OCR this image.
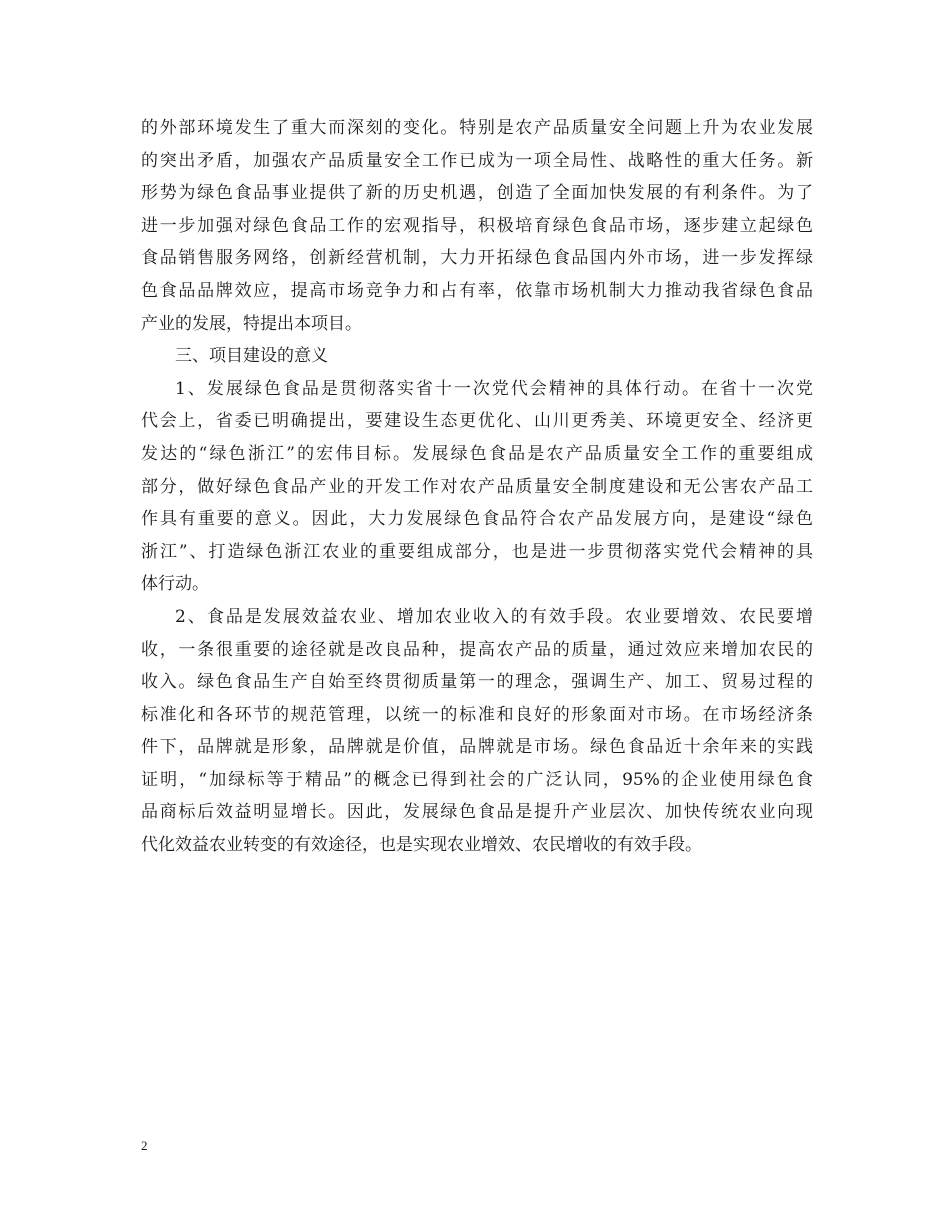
的外部环境发生了重大而深刻的变化。特别是农产品质量安全问题上升为农业发展
的突出矛盾，加强农产品质量安全工作已成为一项全局性、战略性的重大任务。新
形势为绿色食品事业提供了新的历史机遇，创造了全面加快发展的有利条件。为了
进一步加强对绿色食品工作的宏观指导，积极培育绿色食品市场，逐步建立起绿色
食品销售服务网络，创新经营机制，大力开拓绿色食品国内外市场，进一步发挥绿
色食品品牌效应，提高市场竞争力和占有率，依靠市场机制大力推动我省绿色食品
产业的发展，特提出本项目。
三、项目建设的意义
1、发展绿色食品是贯彻落实省十一次党代会精神的具体行动。在省十一次党
代会上，省委已明确提出，要建设生态更优化、山川更秀美、环境更安全、经济更
发达的“绿色浙江”的宏伟目标。发展绿色食品是农产品质量安全工作的重要组成
部分，做好绿色食品产业的开发工作对农产品质量安全制度建设和无公害农产品工
作具有重要的意义。因此，大力发展绿色食品符合农产品发展方向，是建设“绿色
浙江”、打造绿色浙江农业的重要组成部分，也是进一步贯彻落实党代会精神的具
体行动。
2、食品是发展效益农业、增加农业收入的有效手段。农业要增效、农民要增
收，一条很重要的途径就是改良品种，提高农产品的质量，通过效应来增加农民的
收入。绿色食品生产自始至终贯彻质量第一的理念，强调生产、加工、贸易过程的
标准化和各环节的规范管理，以统一的标准和良好的形象面对市场。在市场经济条
件下，品牌就是形象，品牌就是价值，品牌就是市场。绿色食品近十余年来的实践
证明，“加绿标等于精品”的概念已得到社会的广泛认同，95%的企业使用绿色食
品商标后效益明显增长。因此，发展绿色食品是提升产业层次、加快传统农业向现
代化效益农业转变的有效途径，也是实现农业增效、农民增收的有效手段。
2
